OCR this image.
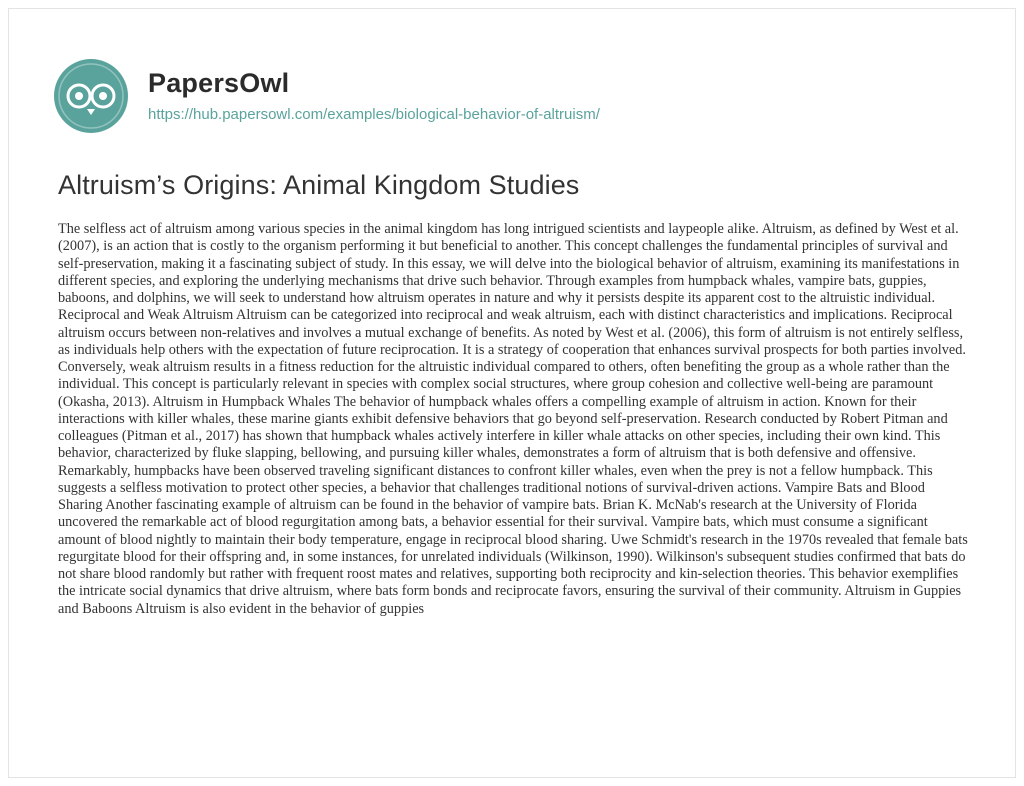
PapersOwl
https://hub.papersowl.com/examples/biological-behavior-of-altruism/
Altruism’s Origins: Animal Kingdom Studies

The selfless act of altruism among various species in the animal kingdom has long intrigued scientists and laypeople alike. Altruism, as defined by West et al. (2007), is an action that is costly to the organism performing it but beneficial to another. This concept challenges the fundamental principles of survival and self-preservation, making it a fascinating subject of study. In this essay, we will delve into the biological behavior of altruism, examining its manifestations in different species, and exploring the underlying mechanisms that drive such behavior. Through examples from humpback whales, vampire bats, guppies, baboons, and dolphins, we will seek to understand how altruism operates in nature and why it persists despite its apparent cost to the altruistic individual. Reciprocal and Weak Altruism Altruism can be categorized into reciprocal and weak altruism, each with distinct characteristics and implications. Reciprocal altruism occurs between non-relatives and involves a mutual exchange of benefits. As noted by West et al. (2006), this form of altruism is not entirely selfless, as individuals help others with the expectation of future reciprocation. It is a strategy of cooperation that enhances survival prospects for both parties involved. Conversely, weak altruism results in a fitness reduction for the altruistic individual compared to others, often benefiting the group as a whole rather than the individual. This concept is particularly relevant in species with complex social structures, where group cohesion and collective well-being are paramount (Okasha, 2013). Altruism in Humpback Whales The behavior of humpback whales offers a compelling example of altruism in action. Known for their interactions with killer whales, these marine giants exhibit defensive behaviors that go beyond self-preservation. Research conducted by Robert Pitman and colleagues (Pitman et al., 2017) has shown that humpback whales actively interfere in killer whale attacks on other species, including their own kind. This behavior, characterized by fluke slapping, bellowing, and pursuing killer whales, demonstrates a form of altruism that is both defensive and offensive. Remarkably, humpbacks have been observed traveling significant distances to confront killer whales, even when the prey is not a fellow humpback. This suggests a selfless motivation to protect other species, a behavior that challenges traditional notions of survival-driven actions. Vampire Bats and Blood Sharing Another fascinating example of altruism can be found in the behavior of vampire bats. Brian K. McNab's research at the University of Florida uncovered the remarkable act of blood regurgitation among bats, a behavior essential for their survival. Vampire bats, which must consume a significant amount of blood nightly to maintain their body temperature, engage in reciprocal blood sharing. Uwe Schmidt's research in the 1970s revealed that female bats regurgitate blood for their offspring and, in some instances, for unrelated individuals (Wilkinson, 1990). Wilkinson's subsequent studies confirmed that bats do not share blood randomly but rather with frequent roost mates and relatives, supporting both reciprocity and kin-selection theories. This behavior exemplifies the intricate social dynamics that drive altruism, where bats form bonds and reciprocate favors, ensuring the survival of their community. Altruism in Guppies and Baboons Altruism is also evident in the behavior of guppies
